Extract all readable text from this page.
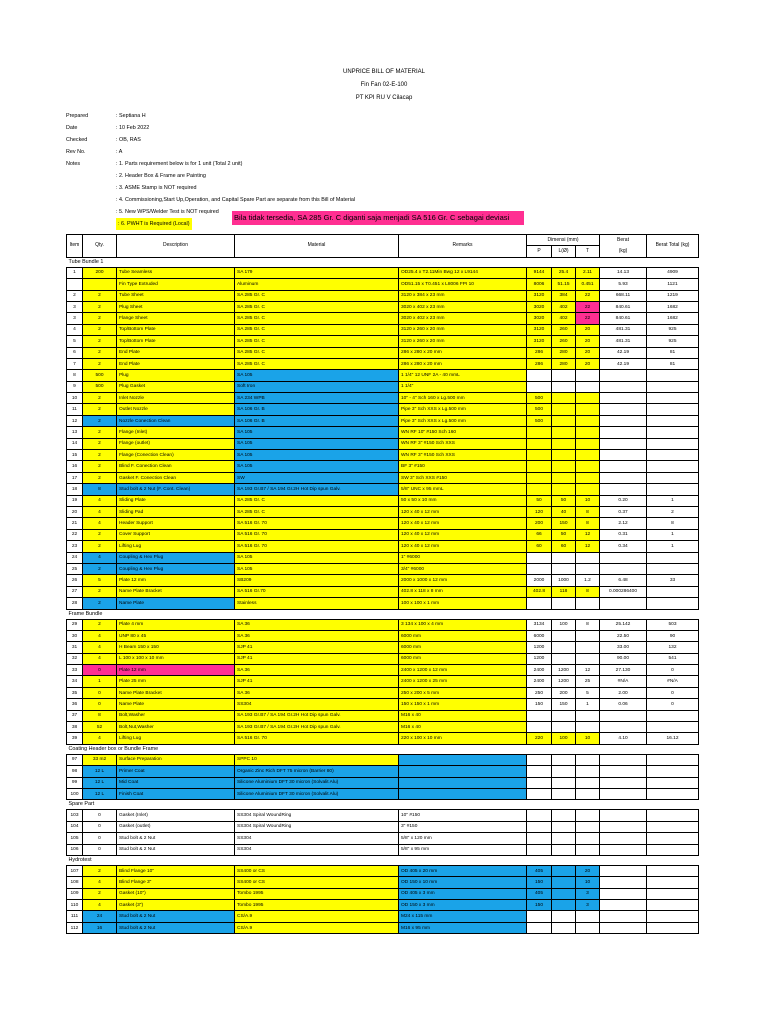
UNPRICE BILL OF MATERIAL
Fin Fan 02-E-100
PT KPI RU V Cilacap
Prepared	: Septiana H
Date	: 10 Feb 2022
Checked	: OB, RAS
Rev No.	: A
Notes	: 1. Parts requirement below is for 1 unit (Total 2 unit)
: 2. Header Box & Frame are Painting
: 3. ASME Stamp is NOT required
: 4. Commissioning,Start Up,Operation, and Capital Spare Part are separate from this Bill of Material
: 5. New WPS/Welder Test is NOT required
: 6. PWHT is Required (Local)
Bila tidak tersedia, SA 285 Gr. C diganti saja menjadi SA 516 Gr. C sebagai deviasi
Item	Qty.	Description	Material	Remarks	Dimensi (mm)			Berat	Berat Total (kg)
					P	L(Ø)	T	(kg)	
Tube Bundle 1									
1	200	Tube Seamless	SA 179	OD25.4 x T2.11Min Bwg 12 x L9144	9144	25.4	2.11	14.13	4909
		Fin Type Extruded	Aluminum	OD51.15 x T0.451 x L8006 FPI 10	8006	51.15	0.451	5.93	1121
2	2	Tube Sheet	SA 285 Gr. C	3120 x 384 x 23 mm	3120	384	22	668.11	1219
3	2	Plug Sheet	SA 285 Gr. C	3020 x 402 x 23 mm	3020	402	22	840.61	1682
3	2	Flange Sheet	SA 285 Gr. C	3020 x 402 x 23 mm	3020	402	22	840.61	1682
4	2	Top/Bottom Plate	SA 285 Gr. C	3120 x 260 x 20 mm	3120	260	20	481.31	925
5	2	Top/Bottom Plate	SA 285 Gr. C	3120 x 260 x 20 mm	3120	260	20	481.31	925
6	2	End Plate	SA 285 Gr. C	286 x 280 x 20 mm	286	280	20	42.19	81
7	2	End Plate	SA 285 Gr. C	286 x 280 x 20 mm	286	280	20	42.19	81
8	500	Plug	SA 105	1 1/4" 12 UNF 2A - 40 mmL					
9	500	Plug Gasket	Soft Iron	1 1/4"					
10	2	Inlet Nozzle	SA 234 WPB	10" - 4" Sch 160 x Lg.500 mm	500				
11	2	Outlet Nozzle	SA 106 Gr. B	Pipe 3" Sch XXS x Lg.500 mm	500				
12	2	Nozzle Conection Clean	SA 106 Gr. B	Pipe 3" Sch XXS x Lg.500 mm	500				
13	2	Flange (Inlet)	SA 105	WN RF 10" #150 Sch 160					
14	2	Flange (outlet)	SA 105	WN RF 3" #150 Sch XXS					
15	2	Flange (Conection Clean)	SA 105	WN RF 3" #150 Sch XXS					
16	2	Blind F. Conection Clean	SA 105	BF 3" #150					
17	2	Gasket F. Conection Clean	SW	SW 3" Sch XXS #150					
18	8	Stud bolt & 2 Nut (F. Cont. Clean)	SA 193 Gr.B7 / SA 194 Gr.2H Hot Dip spun Galv.	5/8" UNC x 95 mmL					
19	4	Sliding Plate	SA 285 Gr. C	50 x 50 x 10 mm	50	50	10	0.20	1
20	4	Sliding Pad	SA 285 Gr. C	120 x 40 x 12 mm	120	40	8	0.37	2
21	4	Header Support	SA 516 Gr. 70	120 x 40 x 12 mm	200	150	8	2.12	8
22	2	Cover Support	SA 516 Gr. 70	120 x 40 x 12 mm	66	50	12	0.31	1
23	2	Lifting Lug	SA 516 Gr. 70	120 x 40 x 12 mm	60	60	12	0.34	1
24	4	Coupling & Hex Plug	SA 105	1" #6000					
25	2	Coupling & Hex Plug	SA 105	3/4" #6000					
26	5	Plate 12 mm	SB209	2000 x 1000 x 12 mm	2000	1000	1.2	6.48	33
27	2	Name Plate Bracket	SA 516 Gr.70	402.8 x 118 x 8 mm	402.8	118	8	0.000286400	
28	2	Name Plate	Stainless	100 x 100 x 1 mm					
Frame Bundle									
29	2	Plate 4 mm	SA 36	3 134 x 100 x 4 mm	3134	100	8	25.142	503
30	4	UNP 80 x 45	SA 36	6000 mm	6000			22.50	90
31	4	H Beam 150 x 150	SJP 41	6000 mm	1200			33.00	132
32	4	L 100 x 100 x 10 mm	SJP 41	6000 mm	1200			90.00	541
33	0	Plate 12 mm	SA 36	2400 x 1200 x 12 mm	2400	1200	12	27.130	0
34	1	Plate 25 mm	SJP 41	2400 x 1200 x 25 mm	2400	1200	25	#N/A	#N/A
35	0	Name Plate Bracket	SA 36	250 x 200 x 5 mm	250	200	5	2.00	0
36	0	Name Plate	SS304	150 x 150 x 1 mm	150	150	1	0.06	0
37	8	Bolt,Washer	SA 193 Gr.B7 / SA 194 Gr.2H Hot Dip spun Galv.	M16 x 40					
38	52	Bolt,Nut,Washer	SA 193 Gr.B7 / SA 194 Gr.2H Hot Dip spun Galv.	M16 x 40					
39	4	Lifting Lug	SA 516 Gr. 70	220 x 100 x 10 mm	220	100	10	4.10	16.12
Coating Header box or Bundle Frame									
97	33 m2	Surface Preparation	SPPC 10						
98	12 L	Primer Coat	Organic Zinc Rich DFT 75 micron (Barrier 80)						
99	12 L	Mid Coat	Silicone Aluminium DFT 30 micron (Solvalit Alu)						
100	12 L	Finish Coat	Silicone Aluminium DFT 30 micron (Solvalit Alu)						
Spare Part									
103	0	Gasket (Inlet)	SS304 Spiral WoundRing	10" #150					
104	0	Gasket (outlet)	SS304 Spiral WoundRing	3" #150					
105	0	Stud bolt & 2 Nut	SS304	5/8" x 120 mm					
106	0	Stud bolt & 2 Nut	SS304	5/8" x 95 mm					
Hydrotest									
107	2	Blind Flange 10"	SS400 or CS	OD 405 x 20 mm	405		20		
108	4	Blind Flange 3"	SS400 or CS	OD 150 x 10 mm	150		10		
109	2	Gasket (10")	Tombo 1995	OD 405 x 3 mm	405		3		
110	4	Gasket (3")	Tombo 1995	OD 150 x 3 mm	150		3		
111	24	Stud bolt & 2 Nut	CS/A.9	M24 x 115 mm					
112	16	Stud bolt & 2 Nut	CS/A.9	M16 x 95 mm					
